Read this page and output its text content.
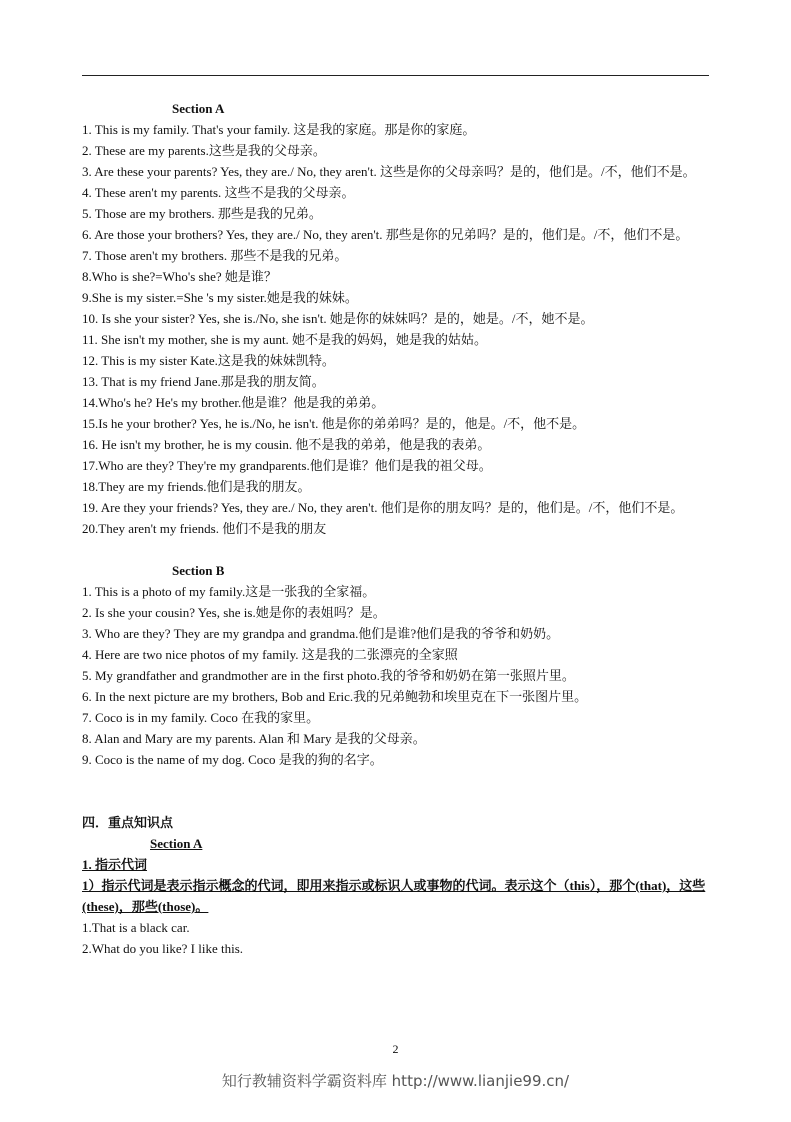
Section A
1. This is my family. That's your family. 这是我的家庭。那是你的家庭。
2. These are my parents.这些是我的父母亲。
3. Are these your parents? Yes, they are./ No, they aren't. 这些是你的父母亲吗？是的，他们是。/不，他们不是。
4. These aren't my parents. 这些不是我的父母亲。
5. Those are my brothers. 那些是我的兄弟。
6. Are those your brothers? Yes, they are./ No, they aren't. 那些是你的兄弟吗？是的，他们是。/不，他们不是。
7. Those aren't my brothers. 那些不是我的兄弟。
8.Who is she?=Who's she? 她是谁？
9.She is my sister.=She 's my sister.她是我的妹妹。
10. Is she your sister? Yes, she is./No, she isn't. 她是你的妹妹吗？是的，她是。/不，她不是。
11. She isn't my mother, she is my aunt. 她不是我的妈妈，她是我的姑姑。
12. This is my sister Kate.这是我的妹妹凯特。
13. That is my friend Jane.那是我的朋友简。
14.Who's he? He's my brother.他是谁？他是我的弟弟。
15.Is he your brother? Yes, he is./No, he isn't. 他是你的弟弟吗？是的，他是。/不，他不是。
16. He isn't my brother, he is my cousin. 他不是我的弟弟，他是我的表弟。
17.Who are they? They're my grandparents.他们是谁？他们是我的祖父母。
18.They are my friends.他们是我的朋友。
19. Are they your friends? Yes, they are./ No, they aren't. 他们是你的朋友吗？是的，他们是。/不，他们不是。
20.They aren't my friends. 他们不是我的朋友
Section B
1. This is a photo of my family.这是一张我的全家福。
2. Is she your cousin? Yes, she is.她是你的表姐吗？是。
3. Who are they? They are my grandpa and grandma.他们是谁?他们是我的爷爷和奶奶。
4. Here are two nice photos of my family. 这是我的二张漂亮的全家照
5. My grandfather and grandmother are in the first photo.我的爷爷和奶奶在第一张照片里。
6. In the next picture are my brothers, Bob and Eric.我的兄弟鲍勃和埃里克在下一张图片里。
7. Coco is in my family. Coco 在我的家里。
8. Alan and Mary are my parents. Alan 和 Mary 是我的父母亲。
9. Coco is the name of my dog. Coco 是我的狗的名字。
四．重点知识点
Section A
1. 指示代词
1）指示代词是表示指示概念的代词，即用来指示或标识人或事物的代词。表示这个（this），那个(that)，这些(these)，那些(those)。
1.That is a black car.
2.What do you like? I like this.
2
知行教辅资料学霸资料库 http://www.lianjie99.cn/
